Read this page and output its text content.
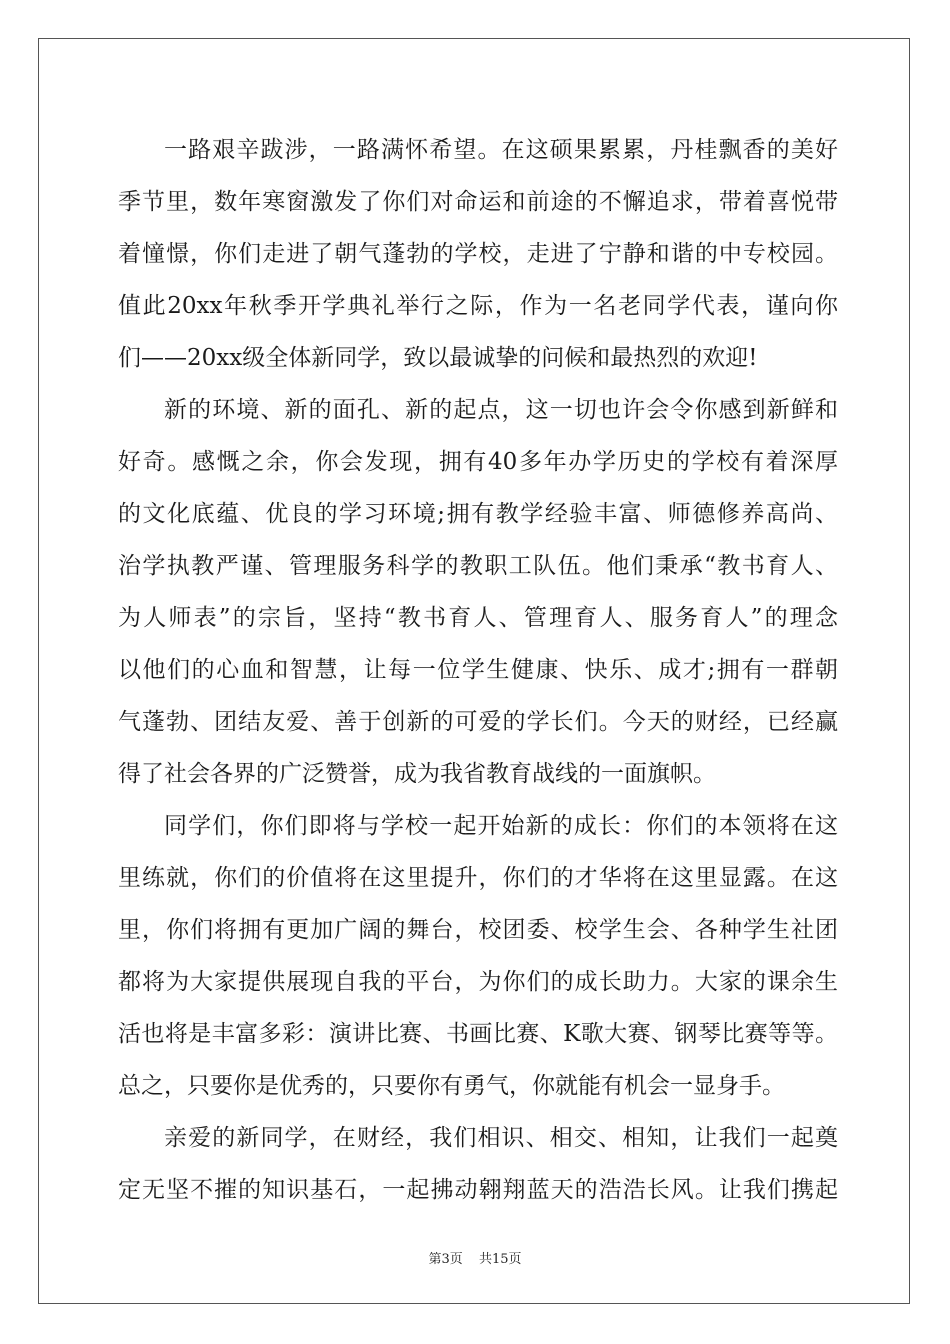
一路艰辛跋涉，一路满怀希望。在这硕果累累，丹桂飘香的美好
季节里，数年寒窗激发了你们对命运和前途的不懈追求，带着喜悦带
着憧憬，你们走进了朝气蓬勃的学校，走进了宁静和谐的中专校园。
值此20xx年秋季开学典礼举行之际，作为一名老同学代表，谨向你
们——20xx级全体新同学，致以最诚挚的问候和最热烈的欢迎!
新的环境、新的面孔、新的起点，这一切也许会令你感到新鲜和
好奇。感慨之余，你会发现，拥有40多年办学历史的学校有着深厚
的文化底蕴、优良的学习环境;拥有教学经验丰富、师德修养高尚、
治学执教严谨、管理服务科学的教职工队伍。他们秉承“教书育人、
为人师表”的宗旨，坚持“教书育人、管理育人、服务育人”的理念
以他们的心血和智慧，让每一位学生健康、快乐、成才;拥有一群朝
气蓬勃、团结友爱、善于创新的可爱的学长们。今天的财经，已经赢
得了社会各界的广泛赞誉，成为我省教育战线的一面旗帜。
同学们，你们即将与学校一起开始新的成长：你们的本领将在这
里练就，你们的价值将在这里提升，你们的才华将在这里显露。在这
里，你们将拥有更加广阔的舞台，校团委、校学生会、各种学生社团
都将为大家提供展现自我的平台，为你们的成长助力。大家的课余生
活也将是丰富多彩：演讲比赛、书画比赛、K歌大赛、钢琴比赛等等。
总之，只要你是优秀的，只要你有勇气，你就能有机会一显身手。
亲爱的新同学，在财经，我们相识、相交、相知，让我们一起奠
定无坚不摧的知识基石，一起拂动翱翔蓝天的浩浩长风。让我们携起
第3页 共15页
